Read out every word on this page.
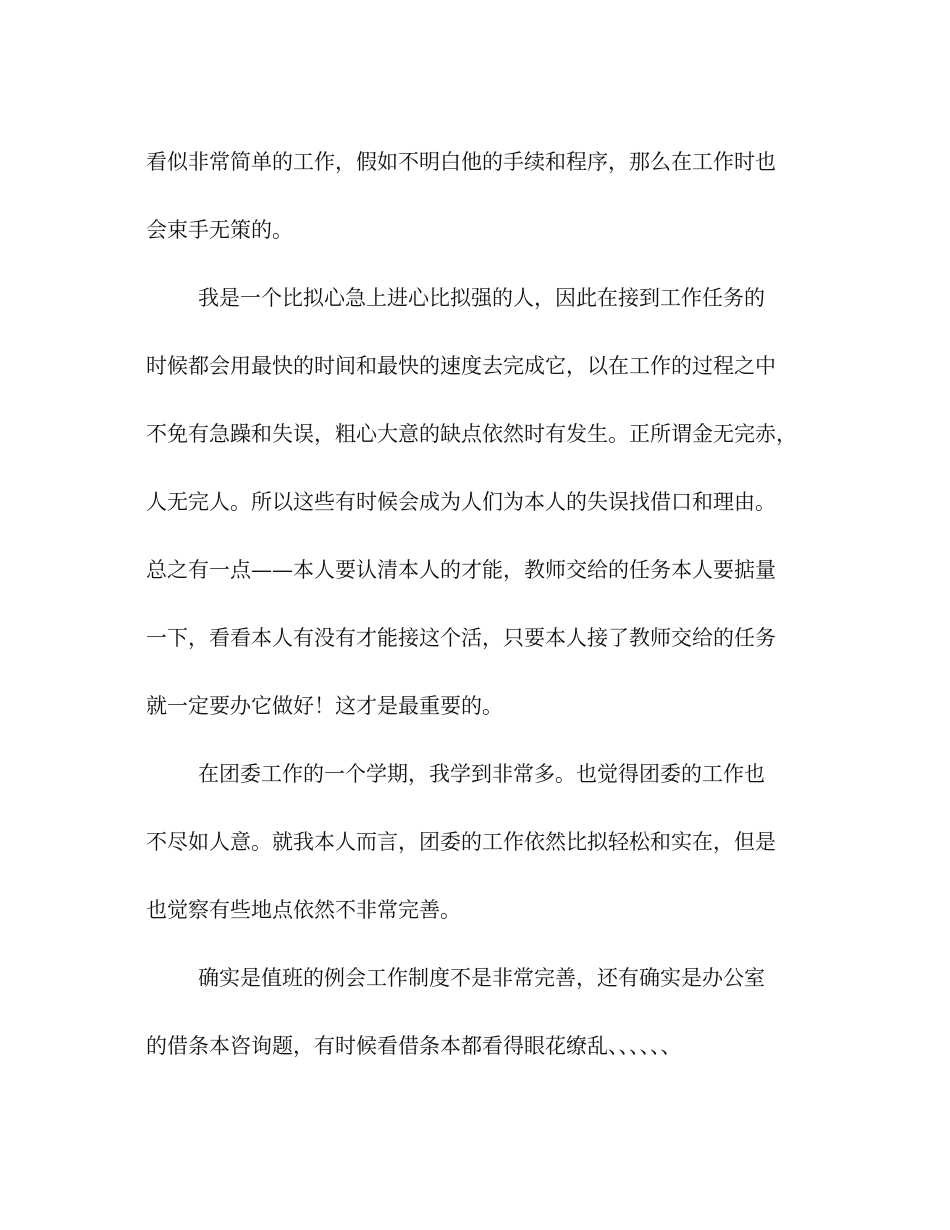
看似非常简单的工作，假如不明白他的手续和程序，那么在工作时也
会束手无策的。
我是一个比拟心急上进心比拟强的人，因此在接到工作任务的
时候都会用最快的时间和最快的速度去完成它，以在工作的过程之中
不免有急躁和失误，粗心大意的缺点依然时有发生。正所谓金无完赤，
人无完人。所以这些有时候会成为人们为本人的失误找借口和理由。
总之有一点——本人要认清本人的才能，教师交给的任务本人要掂量
一下，看看本人有没有才能接这个活，只要本人接了教师交给的任务
就一定要办它做好！这才是最重要的。
在团委工作的一个学期，我学到非常多。也觉得团委的工作也
不尽如人意。就我本人而言，团委的工作依然比拟轻松和实在，但是
也觉察有些地点依然不非常完善。
确实是值班的例会工作制度不是非常完善，还有确实是办公室
的借条本咨询题，有时候看借条本都看得眼花缭乱、、、、、、
